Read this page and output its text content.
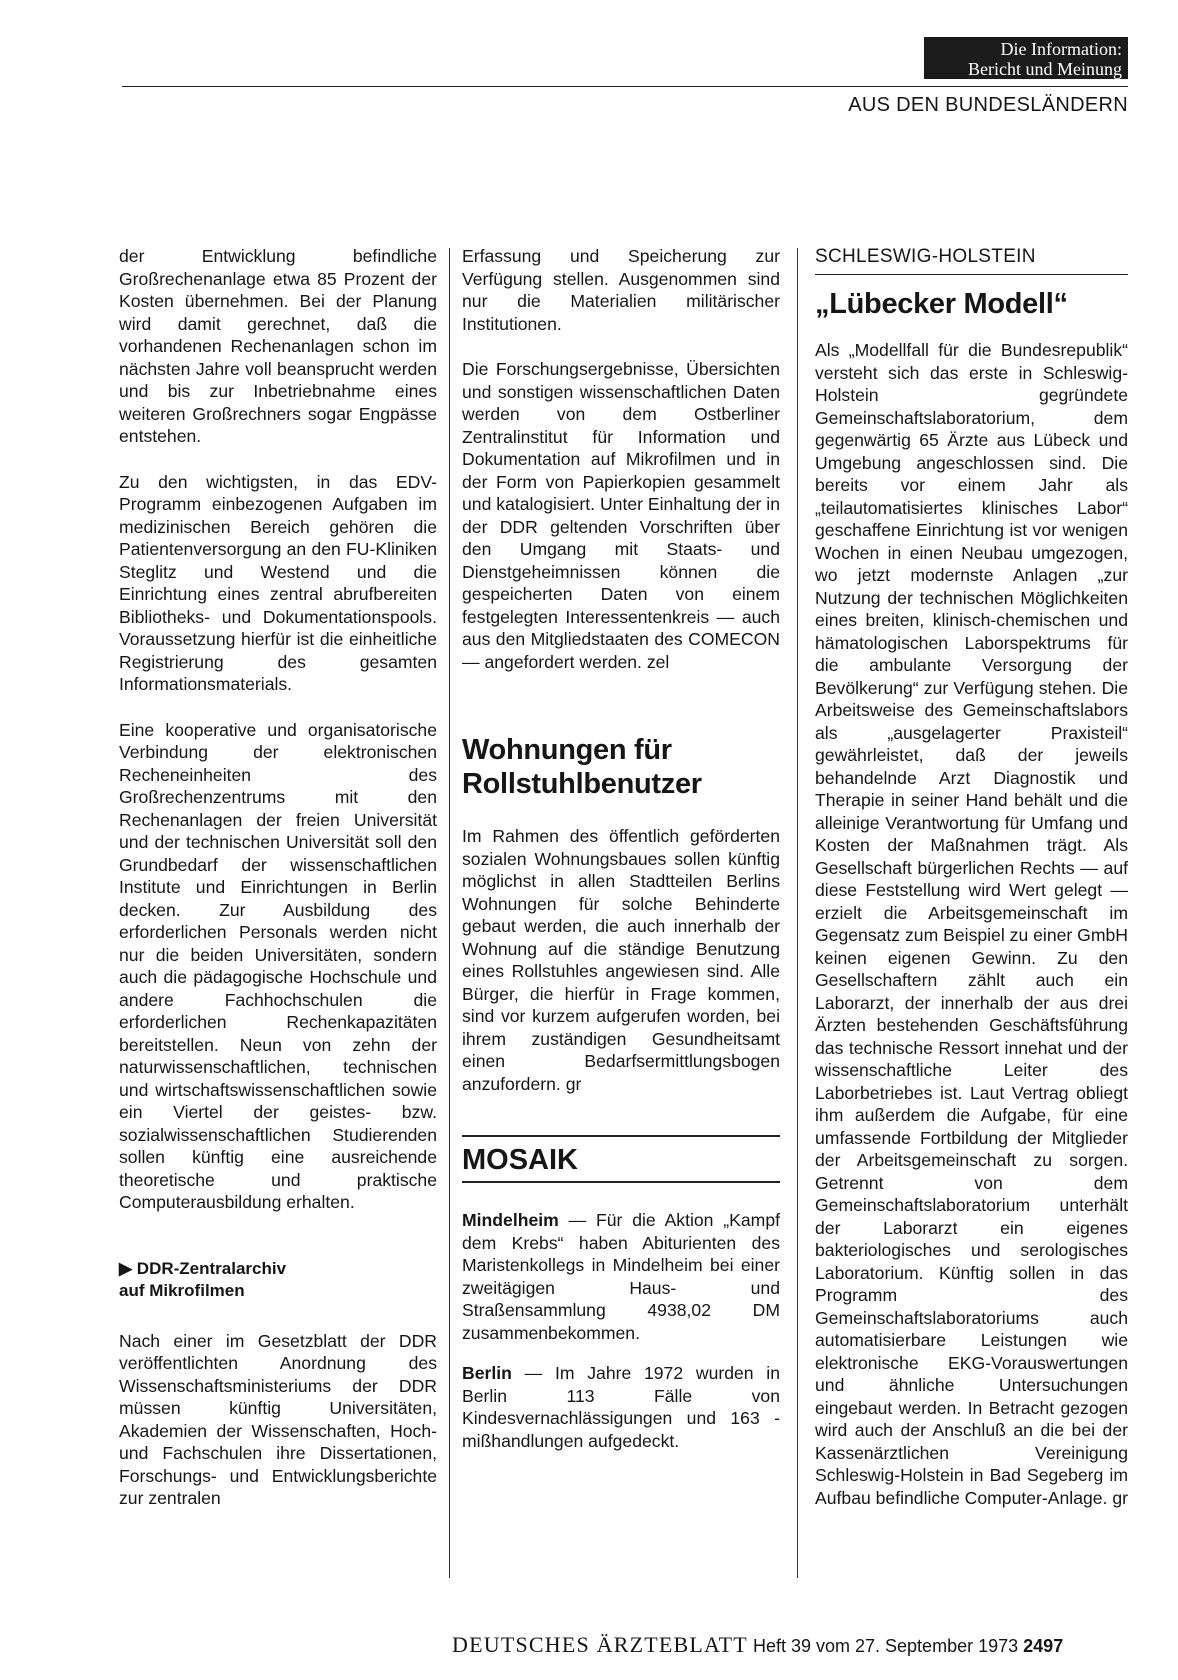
Die Information:
Bericht und Meinung
AUS DEN BUNDESLÄNDERN

der Entwicklung befindliche Großrechenanlage etwa 85 Prozent der Kosten übernehmen. Bei der Planung wird damit gerechnet, daß die vorhandenen Rechenanlagen schon im nächsten Jahre voll beansprucht werden und bis zur Inbetriebnahme eines weiteren Großrechners sogar Engpässe entstehen.

Zu den wichtigsten, in das EDV-Programm einbezogenen Aufgaben im medizinischen Bereich gehören die Patientenversorgung an den FU-Kliniken Steglitz und Westend und die Einrichtung eines zentral abrufbereiten Bibliotheks- und Dokumentationspools. Voraussetzung hierfür ist die einheitliche Registrierung des gesamten Informationsmaterials.

Eine kooperative und organisatorische Verbindung der elektronischen Recheneinheiten des Großrechenzentrums mit den Rechenanlagen der freien Universität und der technischen Universität soll den Grundbedarf der wissenschaftlichen Institute und Einrichtungen in Berlin decken. Zur Ausbildung des erforderlichen Personals werden nicht nur die beiden Universitäten, sondern auch die pädagogische Hochschule und andere Fachhochschulen die erforderlichen Rechenkapazitäten bereitstellen. Neun von zehn der naturwissenschaftlichen, technischen und wirtschaftswissenschaftlichen sowie ein Viertel der geistes- bzw. sozialwissenschaftlichen Studierenden sollen künftig eine ausreichende theoretische und praktische Computerausbildung erhalten.

▶ DDR-Zentralarchiv

auf Mikrofilmen

Nach einer im Gesetzblatt der DDR veröffentlichten Anordnung des Wissenschaftsministeriums der DDR müssen künftig Universitäten, Akademien der Wissenschaften, Hoch- und Fachschulen ihre Dissertationen, Forschungs- und Entwicklungsberichte zur zentralen

Erfassung und Speicherung zur Verfügung stellen. Ausgenommen sind nur die Materialien militärischer Institutionen.

Die Forschungsergebnisse, Übersichten und sonstigen wissenschaftlichen Daten werden von dem Ostberliner Zentralinstitut für Information und Dokumentation auf Mikrofilmen und in der Form von Papierkopien gesammelt und katalogisiert. Unter Einhaltung der in der DDR geltenden Vorschriften über den Umgang mit Staats- und Dienstgeheimnissen können die gespeicherten Daten von einem festgelegten Interessentenkreis — auch aus den Mitgliedstaaten des COMECON — angefordert werden. zel

Wohnungen für

Rollstuhlbenutzer

Im Rahmen des öffentlich geförderten sozialen Wohnungsbaues sollen künftig möglichst in allen Stadtteilen Berlins Wohnungen für solche Behinderte gebaut werden, die auch innerhalb der Wohnung auf die ständige Benutzung eines Rollstuhles angewiesen sind. Alle Bürger, die hierfür in Frage kommen, sind vor kurzem aufgerufen worden, bei ihrem zuständigen Gesundheitsamt einen Bedarfsermittlungsbogen anzufordern. gr

MOSAIK

Mindelheim — Für die Aktion „Kampf dem Krebs“ haben Abiturienten des Maristenkollegs in Mindelheim bei einer zweitägigen Haus- und Straßensammlung 4938,02 DM zusammenbekommen.

Berlin — Im Jahre 1972 wurden in Berlin 113 Fälle von Kindesvernachlässigungen und 163 -mißhandlungen aufgedeckt.

SCHLESWIG-HOLSTEIN

„Lübecker Modell“

Als „Modellfall für die Bundesrepublik“ versteht sich das erste in Schleswig-Holstein gegründete Gemeinschaftslaboratorium, dem gegenwärtig 65 Ärzte aus Lübeck und Umgebung angeschlossen sind. Die bereits vor einem Jahr als „teilautomatisiertes klinisches Labor“ geschaffene Einrichtung ist vor wenigen Wochen in einen Neubau umgezogen, wo jetzt modernste Anlagen „zur Nutzung der technischen Möglichkeiten eines breiten, klinisch-chemischen und hämatologischen Laborspektrums für die ambulante Versorgung der Bevölkerung“ zur Verfügung stehen. Die Arbeitsweise des Gemeinschaftslabors als „ausgelagerter Praxisteil“ gewährleistet, daß der jeweils behandelnde Arzt Diagnostik und Therapie in seiner Hand behält und die alleinige Verantwortung für Umfang und Kosten der Maßnahmen trägt. Als Gesellschaft bürgerlichen Rechts — auf diese Feststellung wird Wert gelegt — erzielt die Arbeitsgemeinschaft im Gegensatz zum Beispiel zu einer GmbH keinen eigenen Gewinn. Zu den Gesellschaftern zählt auch ein Laborarzt, der innerhalb der aus drei Ärzten bestehenden Geschäftsführung das technische Ressort innehat und der wissenschaftliche Leiter des Laborbetriebes ist. Laut Vertrag obliegt ihm außerdem die Aufgabe, für eine umfassende Fortbildung der Mitglieder der Arbeitsgemeinschaft zu sorgen. Getrennt von dem Gemeinschaftslaboratorium unterhält der Laborarzt ein eigenes bakteriologisches und serologisches Laboratorium. Künftig sollen in das Programm des Gemeinschaftslaboratoriums auch automatisierbare Leistungen wie elektronische EKG-Vorauswertungen und ähnliche Untersuchungen eingebaut werden. In Betracht gezogen wird auch der Anschluß an die bei der Kassenärztlichen Vereinigung Schleswig-Holstein in Bad Segeberg im Aufbau befindliche Computer-Anlage. gr

DEUTSCHES ÄRZTEBLATT Heft 39 vom 27. September 1973 2497
